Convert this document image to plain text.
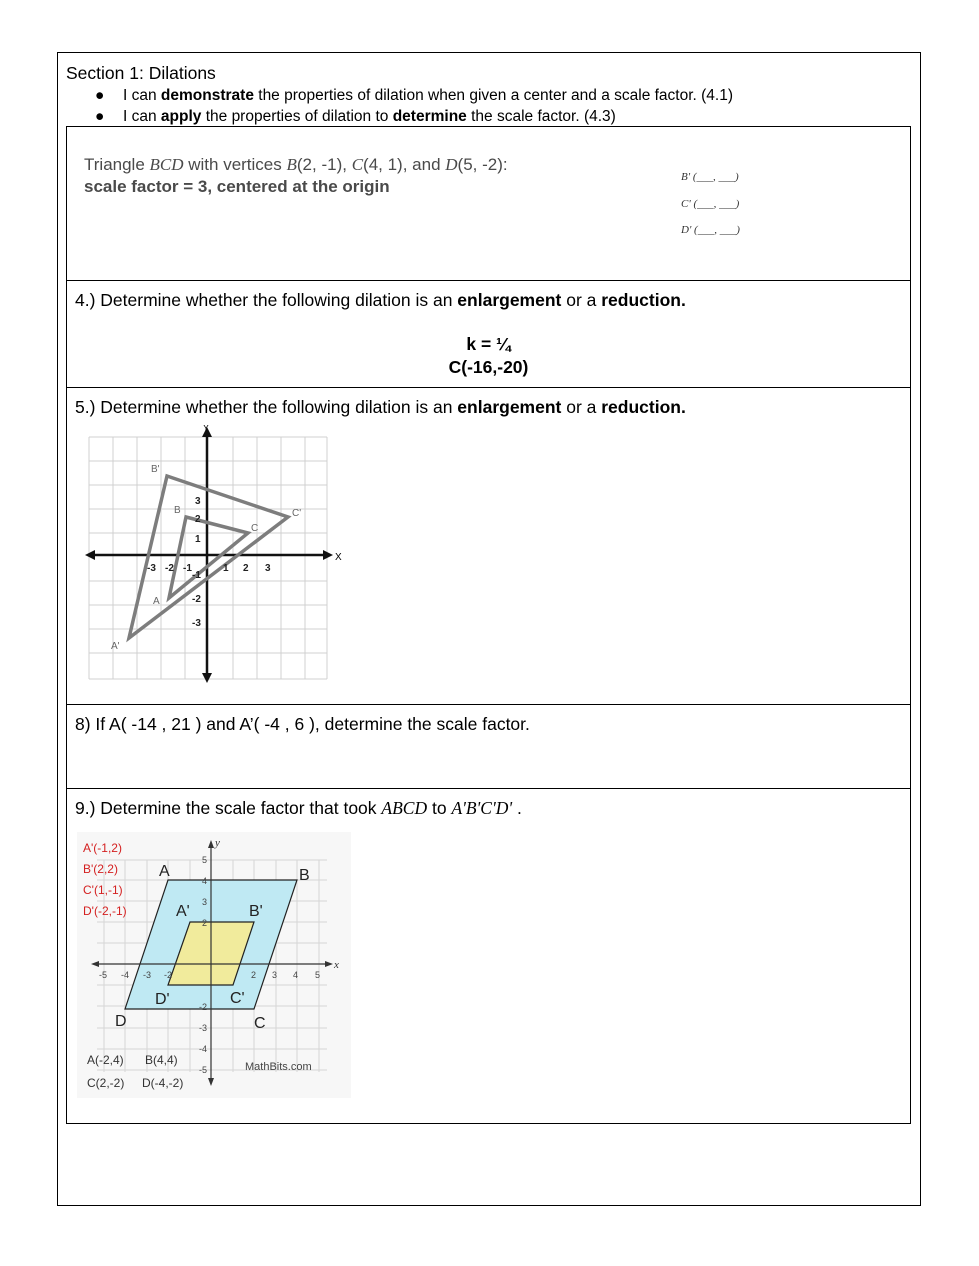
Section 1: Dilations
● I can demonstrate the properties of dilation when given a center and a scale factor. (4.1)
● I can apply the properties of dilation to determine the scale factor. (4.3)
Triangle BCD with vertices B(2, -1), C(4, 1), and D(5, -2):
scale factor = 3, centered at the origin	B' (___, ___)
C' (___, ___)
D' (___, ___)
4.) Determine whether the following dilation is an enlargement or a reduction.
k = ¼
C(-16,-20)
5.) Determine whether the following dilation is an enlargement or a reduction.
X
Y
B'
B
C
C'
A
A'
-3 -2 -1	1 2 3
3
2
1
-1
-2
-3
8) If A( -14 , 21 ) and A’( -4 , 6 ), determine the scale factor.
9.) Determine the scale factor that took ABCD to A'B'C'D' .
x
y
A'(-1,2)
B'(2,2)
C'(1,-1)
D'(-2,-1)
A	B
C
D
A'	B'
C'
D'
-5 -4 -3 -2	2 3 4 5
5
4
3
2
-2
-3
-4
-5
A(-2,4) B(4,4)
C(2,-2) D(-4,-2)
MathBits.com
